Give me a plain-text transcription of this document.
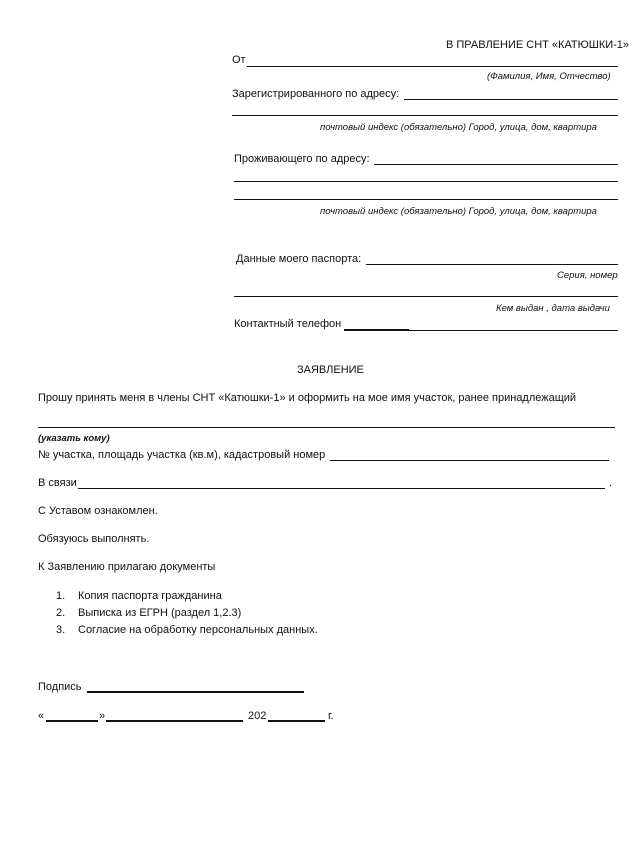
В ПРАВЛЕНИЕ СНТ «КАТЮШКИ-1»
От
(Фамилия, Имя, Отчество)
Зарегистрированного по адресу:
почтовый индекс (обязательно) Город, улица, дом, квартира
Проживающего по адресу:
почтовый индекс (обязательно) Город, улица, дом, квартира
Данные моего паспорта:
Серия, номер
Кем выдан , дата выдачи
Контактный телефон
ЗАЯВЛЕНИЕ
Прошу принять меня в члены СНТ «Катюшки-1» и оформить на мое имя участок, ранее принадлежащий
(указать кому)
№ участка, площадь участка (кв.м), кадастровый номер
В связи	.
С Уставом ознакомлен.
Обязуюсь выполнять.
К Заявлению прилагаю документы
1. Копия паспорта гражданина
2. Выписка из ЕГРН (раздел 1,2.3)
3. Согласие на обработку персональных данных.
Подпись
«	»	202	г.
